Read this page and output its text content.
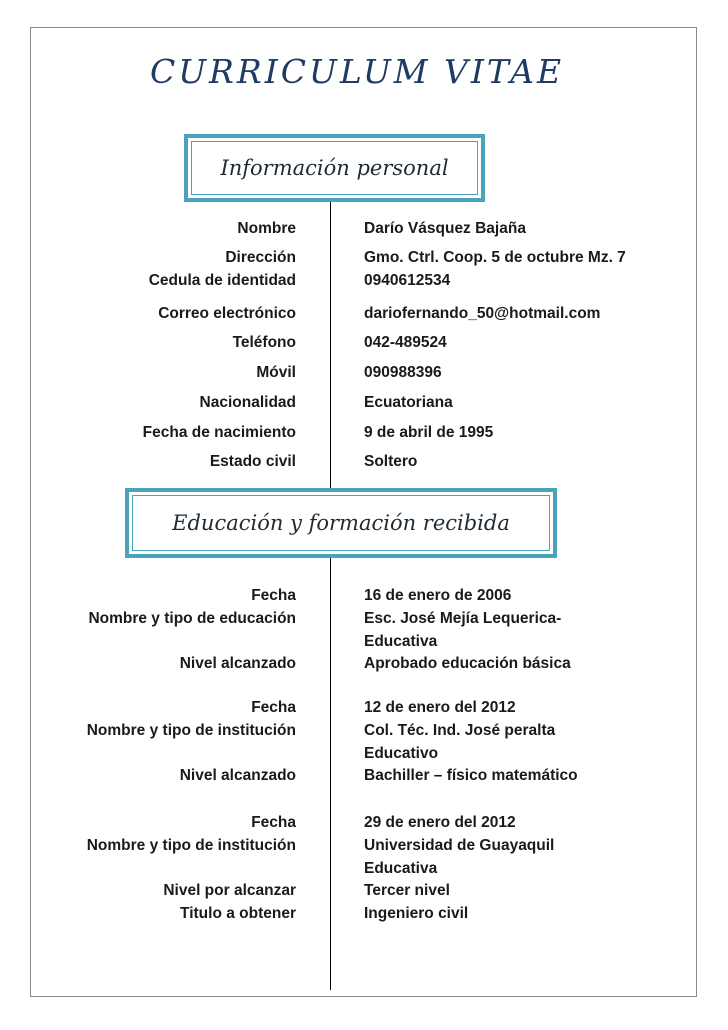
CURRICULUM VITAE
Información personal
Nombre
Dirección
Cedula de identidad
Correo electrónico
Teléfono
Móvil
Nacionalidad
Fecha de nacimiento
Estado civil
Darío Vásquez Bajaña
Gmo. Ctrl. Coop. 5 de octubre Mz. 7
0940612534
dariofernando_50@hotmail.com
042-489524
090988396
Ecuatoriana
9 de abril de 1995
Soltero
Educación y formación recibida
Fecha
Nombre y tipo de educación
Nivel alcanzado
16 de enero de 2006
Esc. José Mejía Lequerica-
Educativa
Aprobado educación básica
Fecha
Nombre y tipo de institución
Nivel alcanzado
12 de enero del 2012
Col. Téc. Ind. José peralta
Educativo
Bachiller – físico matemático
Fecha
Nombre y tipo de institución
Nivel por alcanzar
Titulo a obtener
29 de enero del 2012
Universidad de Guayaquil
Educativa
Tercer nivel
Ingeniero civil
